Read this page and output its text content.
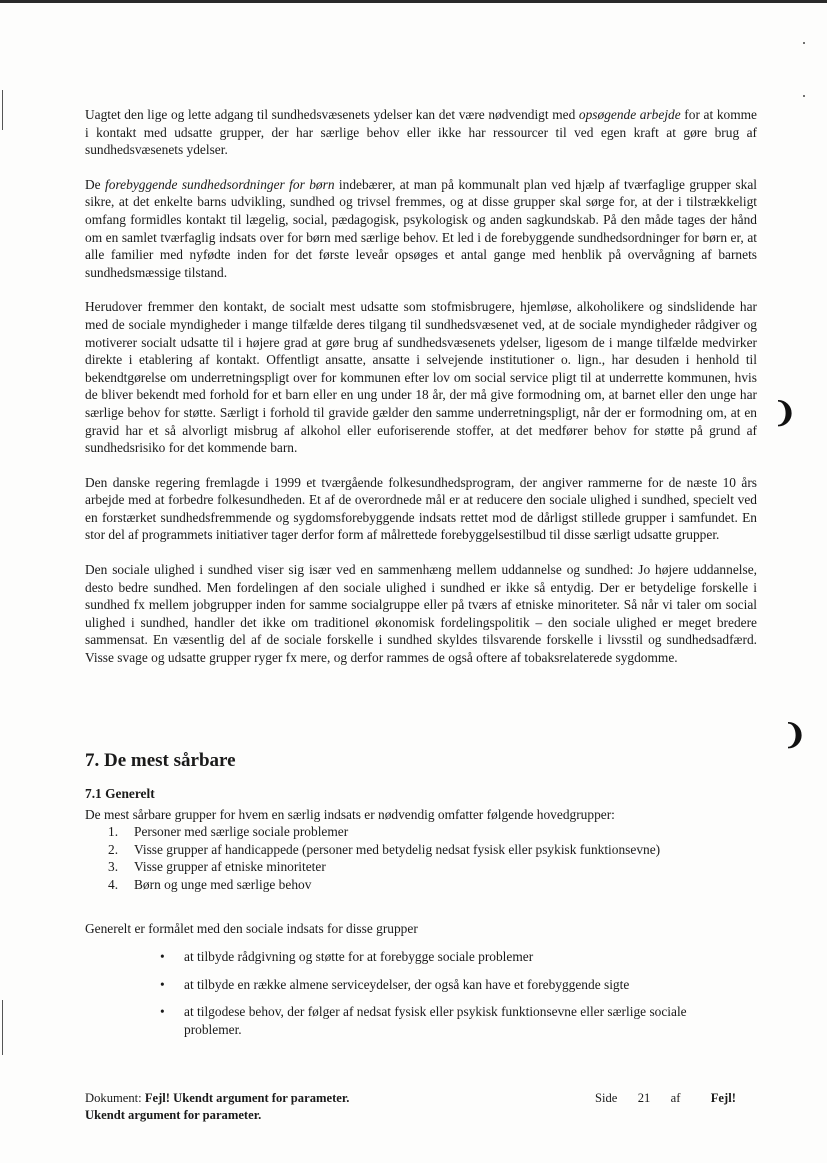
❩
❩

Uagtet den lige og lette adgang til sundhedsvæsenets ydelser kan det være nødvendigt med opsøgende arbejde for at komme i kontakt med udsatte grupper, der har særlige behov eller ikke har ressourcer til ved egen kraft at gøre brug af sundhedsvæsenets ydelser.

De forebyggende sundhedsordninger for børn indebærer, at man på kommunalt plan ved hjælp af tværfaglige grupper skal sikre, at det enkelte barns udvikling, sundhed og trivsel fremmes, og at disse grupper skal sørge for, at der i tilstrækkeligt omfang formidles kontakt til lægelig, social, pædagogisk, psykologisk og anden sagkundskab. På den måde tages der hånd om en samlet tværfaglig indsats over for børn med særlige behov. Et led i de forebyggende sundhedsordninger for børn er, at alle familier med nyfødte inden for det første leveår opsøges et antal gange med henblik på overvågning af barnets sundhedsmæssige tilstand.

Herudover fremmer den kontakt, de socialt mest udsatte som stofmisbrugere, hjemløse, alkoholikere og sindslidende har med de sociale myndigheder i mange tilfælde deres tilgang til sundhedsvæsenet ved, at de sociale myndigheder rådgiver og motiverer socialt udsatte til i højere grad at gøre brug af sundhedsvæsenets ydelser, ligesom de i mange tilfælde medvirker direkte i etablering af kontakt. Offentligt ansatte, ansatte i selvejende institutioner o. lign., har desuden i henhold til bekendtgørelse om underretningspligt over for kommunen efter lov om social service pligt til at underrette kommunen, hvis de bliver bekendt med forhold for et barn eller en ung under 18 år, der må give formodning om, at barnet eller den unge har særlige behov for støtte. Særligt i forhold til gravide gælder den samme underretningspligt, når der er formodning om, at en gravid har et så alvorligt misbrug af alkohol eller euforiserende stoffer, at det medfører behov for støtte på grund af sundhedsrisiko for det kommende barn.

Den danske regering fremlagde i 1999 et tværgående folkesundhedsprogram, der angiver rammerne for de næste 10 års arbejde med at forbedre folkesundheden. Et af de overordnede mål er at reducere den sociale ulighed i sundhed, specielt ved en forstærket sundhedsfremmende og sygdomsforebyggende indsats rettet mod de dårligst stillede grupper i samfundet. En stor del af programmets initiativer tager derfor form af målrettede forebyggelsestilbud til disse særligt udsatte grupper.

Den sociale ulighed i sundhed viser sig især ved en sammenhæng mellem uddannelse og sundhed: Jo højere uddannelse, desto bedre sundhed. Men fordelingen af den sociale ulighed i sundhed er ikke så entydig. Der er betydelige forskelle i sundhed fx mellem jobgrupper inden for samme socialgruppe eller på tværs af etniske minoriteter. Så når vi taler om social ulighed i sundhed, handler det ikke om traditionel økonomisk fordelingspolitik – den sociale ulighed er meget bredere sammensat. En væsentlig del af de sociale forskelle i sundhed skyldes tilsvarende forskelle i livsstil og sundhedsadfærd. Visse svage og udsatte grupper ryger fx mere, og derfor rammes de også oftere af tobaksrelaterede sygdomme.

7. De mest sårbare
7.1 Generelt
De mest sårbare grupper for hvem en særlig indsats er nødvendig omfatter følgende hovedgrupper:
1. Personer med særlige sociale problemer
2. Visse grupper af handicappede (personer med betydelig nedsat fysisk eller psykisk funktionsevne)
3. Visse grupper af etniske minoriteter
4. Børn og unge med særlige behov
Generelt er formålet med den sociale indsats for disse grupper
• at tilbyde rådgivning og støtte for at forebygge sociale problemer
• at tilbyde en række almene serviceydelser, der også kan have et forebyggende sigte
• at tilgodese behov, der følger af nedsat fysisk eller psykisk funktionsevne eller særlige sociale problemer.
Dokument: Fejl! Ukendt argument for parameter.
Ukendt argument for parameter.
Side 21 af Fejl!
